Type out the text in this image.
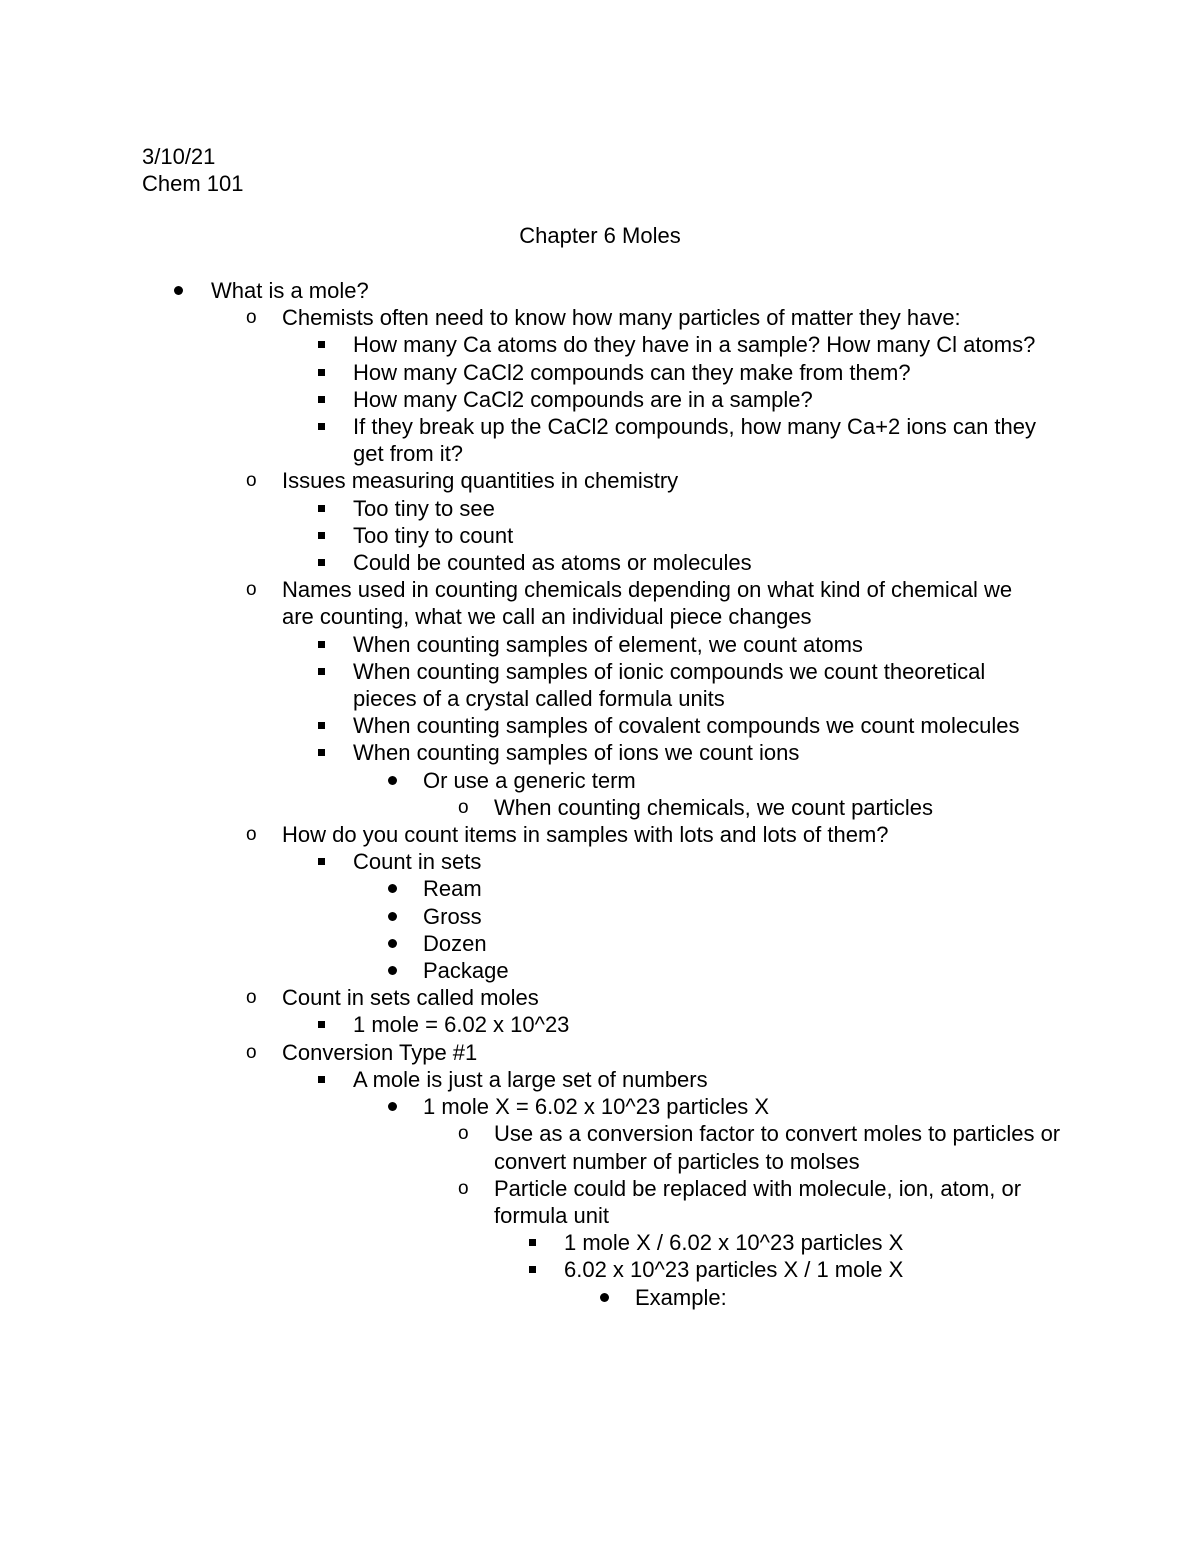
3/10/21
Chem 101
Chapter 6 Moles
What is a mole?
o Chemists often need to know how many particles of matter they have:
How many Ca atoms do they have in a sample? How many Cl atoms?
How many CaCl2 compounds can they make from them?
How many CaCl2 compounds are in a sample?
If they break up the CaCl2 compounds, how many Ca+2 ions can they get from it?
o Issues measuring quantities in chemistry
Too tiny to see
Too tiny to count
Could be counted as atoms or molecules
o Names used in counting chemicals depending on what kind of chemical we are counting, what we call an individual piece changes
When counting samples of element, we count atoms
When counting samples of ionic compounds we count theoretical pieces of a crystal called formula units
When counting samples of covalent compounds we count molecules
When counting samples of ions we count ions
Or use a generic term
o When counting chemicals, we count particles
o How do you count items in samples with lots and lots of them?
Count in sets
Ream
Gross
Dozen
Package
o Count in sets called moles
1 mole = 6.02 x 10^23
o Conversion Type #1
A mole is just a large set of numbers
1 mole X = 6.02 x 10^23 particles X
o Use as a conversion factor to convert moles to particles or convert number of particles to molses
o Particle could be replaced with molecule, ion, atom, or formula unit
1 mole X / 6.02 x 10^23 particles X
6.02 x 10^23 particles X / 1 mole X
Example:
